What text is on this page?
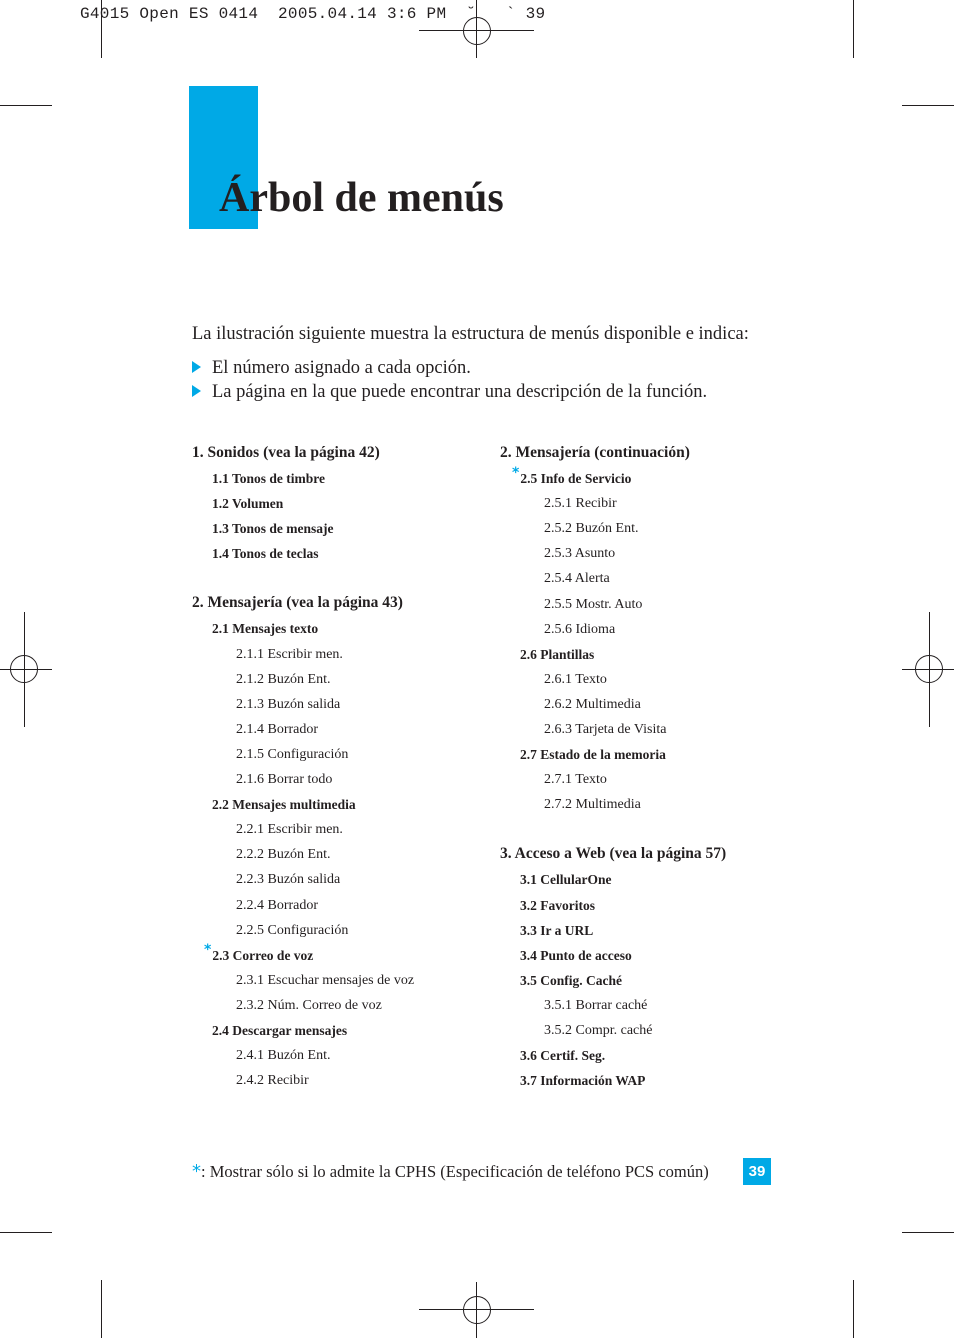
G4015 Open ES 0414  2005.04.14 3:6 PM  ˘   ` 39
Árbol de menús

La ilustración siguiente muestra la estructura de menús disponible e indica:

El número asignado a cada opción.
La página en la que puede encontrar una descripción de la función.
1. Sonidos (vea la página 42)
1.1 Tonos de timbre
1.2 Volumen
1.3 Tonos de mensaje
1.4 Tonos de teclas
2. Mensajería (vea la página 43)
2.1 Mensajes texto
2.1.1 Escribir men.
2.1.2 Buzón Ent.
2.1.3 Buzón salida
2.1.4 Borrador
2.1.5 Configuración
2.1.6 Borrar todo
2.2 Mensajes multimedia
2.2.1 Escribir men.
2.2.2 Buzón Ent.
2.2.3 Buzón salida
2.2.4 Borrador
2.2.5 Configuración
*2.3 Correo de voz
2.3.1 Escuchar mensajes de voz
2.3.2 Núm. Correo de voz
2.4 Descargar mensajes
2.4.1 Buzón Ent.
2.4.2 Recibir
2. Mensajería (continuación)
*2.5 Info de Servicio
2.5.1 Recibir
2.5.2 Buzón Ent.
2.5.3 Asunto
2.5.4 Alerta
2.5.5 Mostr. Auto
2.5.6 Idioma
2.6 Plantillas
2.6.1 Texto
2.6.2 Multimedia
2.6.3 Tarjeta de Visita
2.7 Estado de la memoria
2.7.1 Texto
2.7.2 Multimedia
3. Acceso a Web (vea la página 57)
3.1 CellularOne
3.2 Favoritos
3.3 Ir a URL
3.4 Punto de acceso
3.5 Config. Caché
3.5.1 Borrar caché
3.5.2 Compr. caché
3.6 Certif. Seg.
3.7 Información WAP
*: Mostrar sólo si lo admite la CPHS (Especificación de teléfono PCS común)	39
